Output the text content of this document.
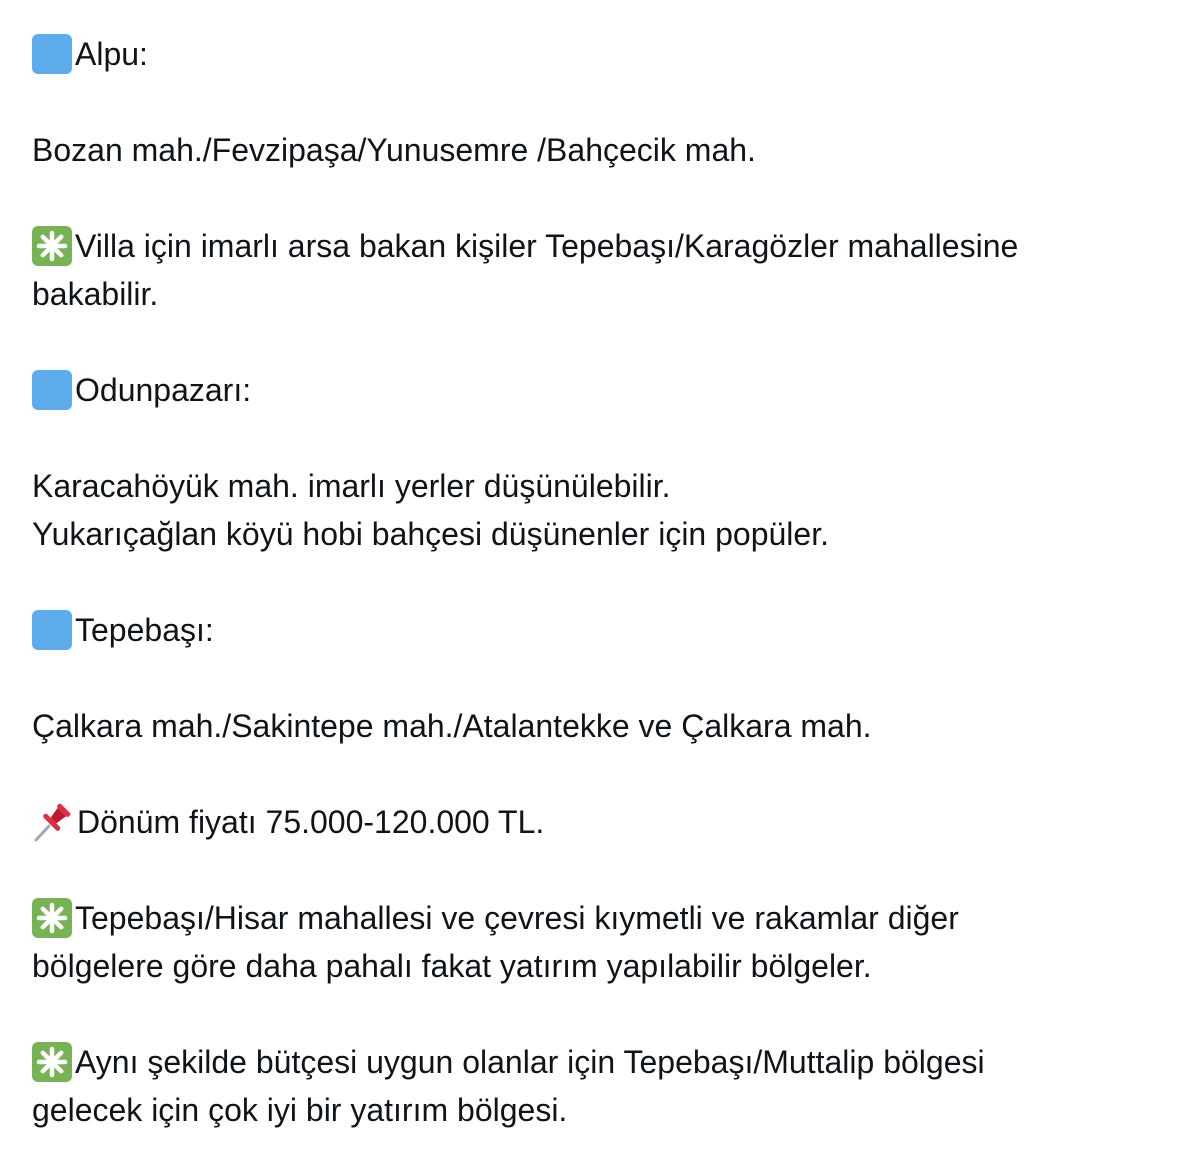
Alpu:

Bozan mah./Fevzipaşa/Yunusemre /Bahçecik mah.

Villa için imarlı arsa bakan kişiler Tepebaşı/Karagözler mahallesine
bakabilir.

Odunpazarı:

Karacahöyük mah. imarlı yerler düşünülebilir.
Yukarıçağlan köyü hobi bahçesi düşünenler için popüler.

Tepebaşı:

Çalkara mah./Sakintepe mah./Atalantekke ve Çalkara mah.

Dönüm fiyatı 75.000-120.000 TL.

Tepebaşı/Hisar mahallesi ve çevresi kıymetli ve rakamlar diğer
bölgelere göre daha pahalı fakat yatırım yapılabilir bölgeler.

Aynı şekilde bütçesi uygun olanlar için Tepebaşı/Muttalip bölgesi
gelecek için çok iyi bir yatırım bölgesi.
